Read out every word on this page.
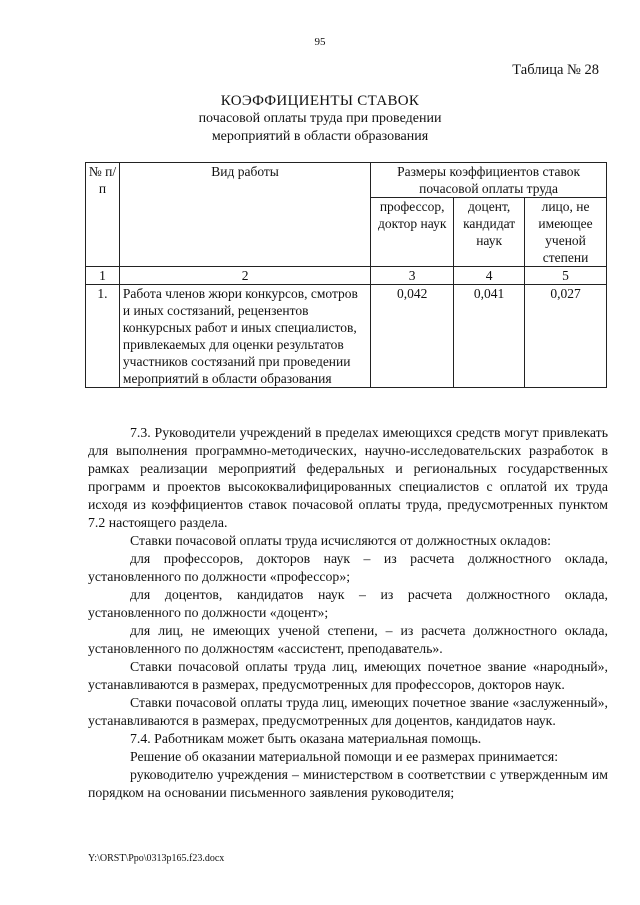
95
Таблица № 28
КОЭФФИЦИЕНТЫ СТАВОК
почасовой оплаты труда при проведении
мероприятий в области образования
№ п/п	Вид работы	Размеры коэффициентов ставок почасовой оплаты труда		
		профессор, доктор наук	доцент, кандидат наук	лицо, не имеющее ученой степени
1	2	3	4	5
1.	Работа членов жюри конкурсов, смотров и иных состязаний, рецензентов конкурсных работ и иных специалистов, привлекаемых для оценки результатов участников состязаний при проведении мероприятий в области образования	0,042	0,041	0,027

7.3. Руководители учреждений в пределах имеющихся средств могут привлекать для выполнения программно-методических, научно-исследовательских разработок в рамках реализации мероприятий федеральных и региональных государственных программ и проектов высококвалифицированных специалистов с оплатой их труда исходя из коэффициентов ставок почасовой оплаты труда, предусмотренных пунктом 7.2 настоящего раздела.

Ставки почасовой оплаты труда исчисляются от должностных окладов:

для профессоров, докторов наук – из расчета должностного оклада, установленного по должности «профессор»;

для доцентов, кандидатов наук – из расчета должностного оклада, установленного по должности «доцент»;

для лиц, не имеющих ученой степени, – из расчета должностного оклада, установленного по должностям «ассистент, преподаватель».

Ставки почасовой оплаты труда лиц, имеющих почетное звание «народный», устанавливаются в размерах, предусмотренных для профессоров, докторов наук.

Ставки почасовой оплаты труда лиц, имеющих почетное звание «заслуженный», устанавливаются в размерах, предусмотренных для доцентов, кандидатов наук.

7.4. Работникам может быть оказана материальная помощь.

Решение об оказании материальной помощи и ее размерах принимается:

руководителю учреждения – министерством в соответствии с утвержденным им порядком на основании письменного заявления руководителя;

Y:\ORST\Ppo\0313p165.f23.docx
